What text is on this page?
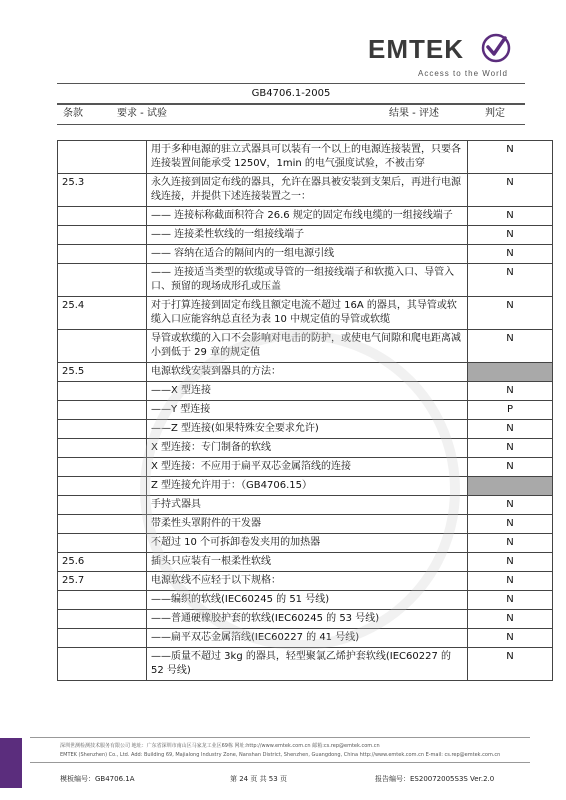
EMTEK
Access to the World
GB4706.1-2005
条款	要求 - 试验	结果 - 评述	判定
	用于多种电源的驻立式器具可以装有一个以上的电源连接装置，只要各连接装置间能承受 1250V，1min 的电气强度试验，不被击穿	N
25.3	永久连接到固定布线的器具，允许在器具被安装到支架后，再进行电源线连接，并提供下述连接装置之一：	N
	—— 连接标称截面积符合 26.6 规定的固定布线电缆的一组接线端子	N
	—— 连接柔性软线的一组接线端子	N
	—— 容纳在适合的隔间内的一组电源引线	N
	—— 连接适当类型的软缆或导管的一组接线端子和软揽入口、导管入口、预留的现场成形孔或压盖	N
25.4	对于打算连接到固定布线且额定电流不超过 16A 的器具，其导管或软缆入口应能容纳总直径为表 10 中规定值的导管或软缆	N
	导管或软缆的入口不会影响对电击的防护，或使电气间隙和爬电距离减小到低于 29 章的规定值	N
25.5	电源软线安装到器具的方法：	
	——X 型连接	N
	——Y 型连接	P
	——Z 型连接(如果特殊安全要求允许)	N
	X 型连接：专门制备的软线	N
	X 型连接：不应用于扁平双芯金属箔线的连接	N
	Z 型连接允许用于：（GB4706.15）	
	手持式器具	N
	带柔性头罩附件的干发器	N
	不超过 10 个可拆卸卷发夹用的加热器	N
25.6	插头只应装有一根柔性软线	N
25.7	电源软线不应轻于以下规格：	N
	——编织的软线(IEC60245 的 51 号线)	N
	——普通硬橡胶护套的软线(IEC60245 的 53 号线)	N
	——扁平双芯金属箔线(IEC60227 的 41 号线)	N
	——质量不超过 3kg 的器具，轻型聚氯乙烯护套软线(IEC60227 的 52 号线)	N
深圳世测检测技术服务有限公司 地址：广东省深圳市南山区马家龙工业区69栋 网址:http://www.emtek.com.cn 邮箱:cs.rep@emtek.com.cn
EMTEK (Shenzhen) Co., Ltd. Add: Building 69, Majialong Industry Zone, Nanshan District, Shenzhen, Guangdong, China http://www.emtek.com.cn E-mail: cs.rep@emtek.com.cn
模板编号：GB4706.1A	第 24 页 共 53 页	报告编号：ES20072005S3S Ver.2.0
